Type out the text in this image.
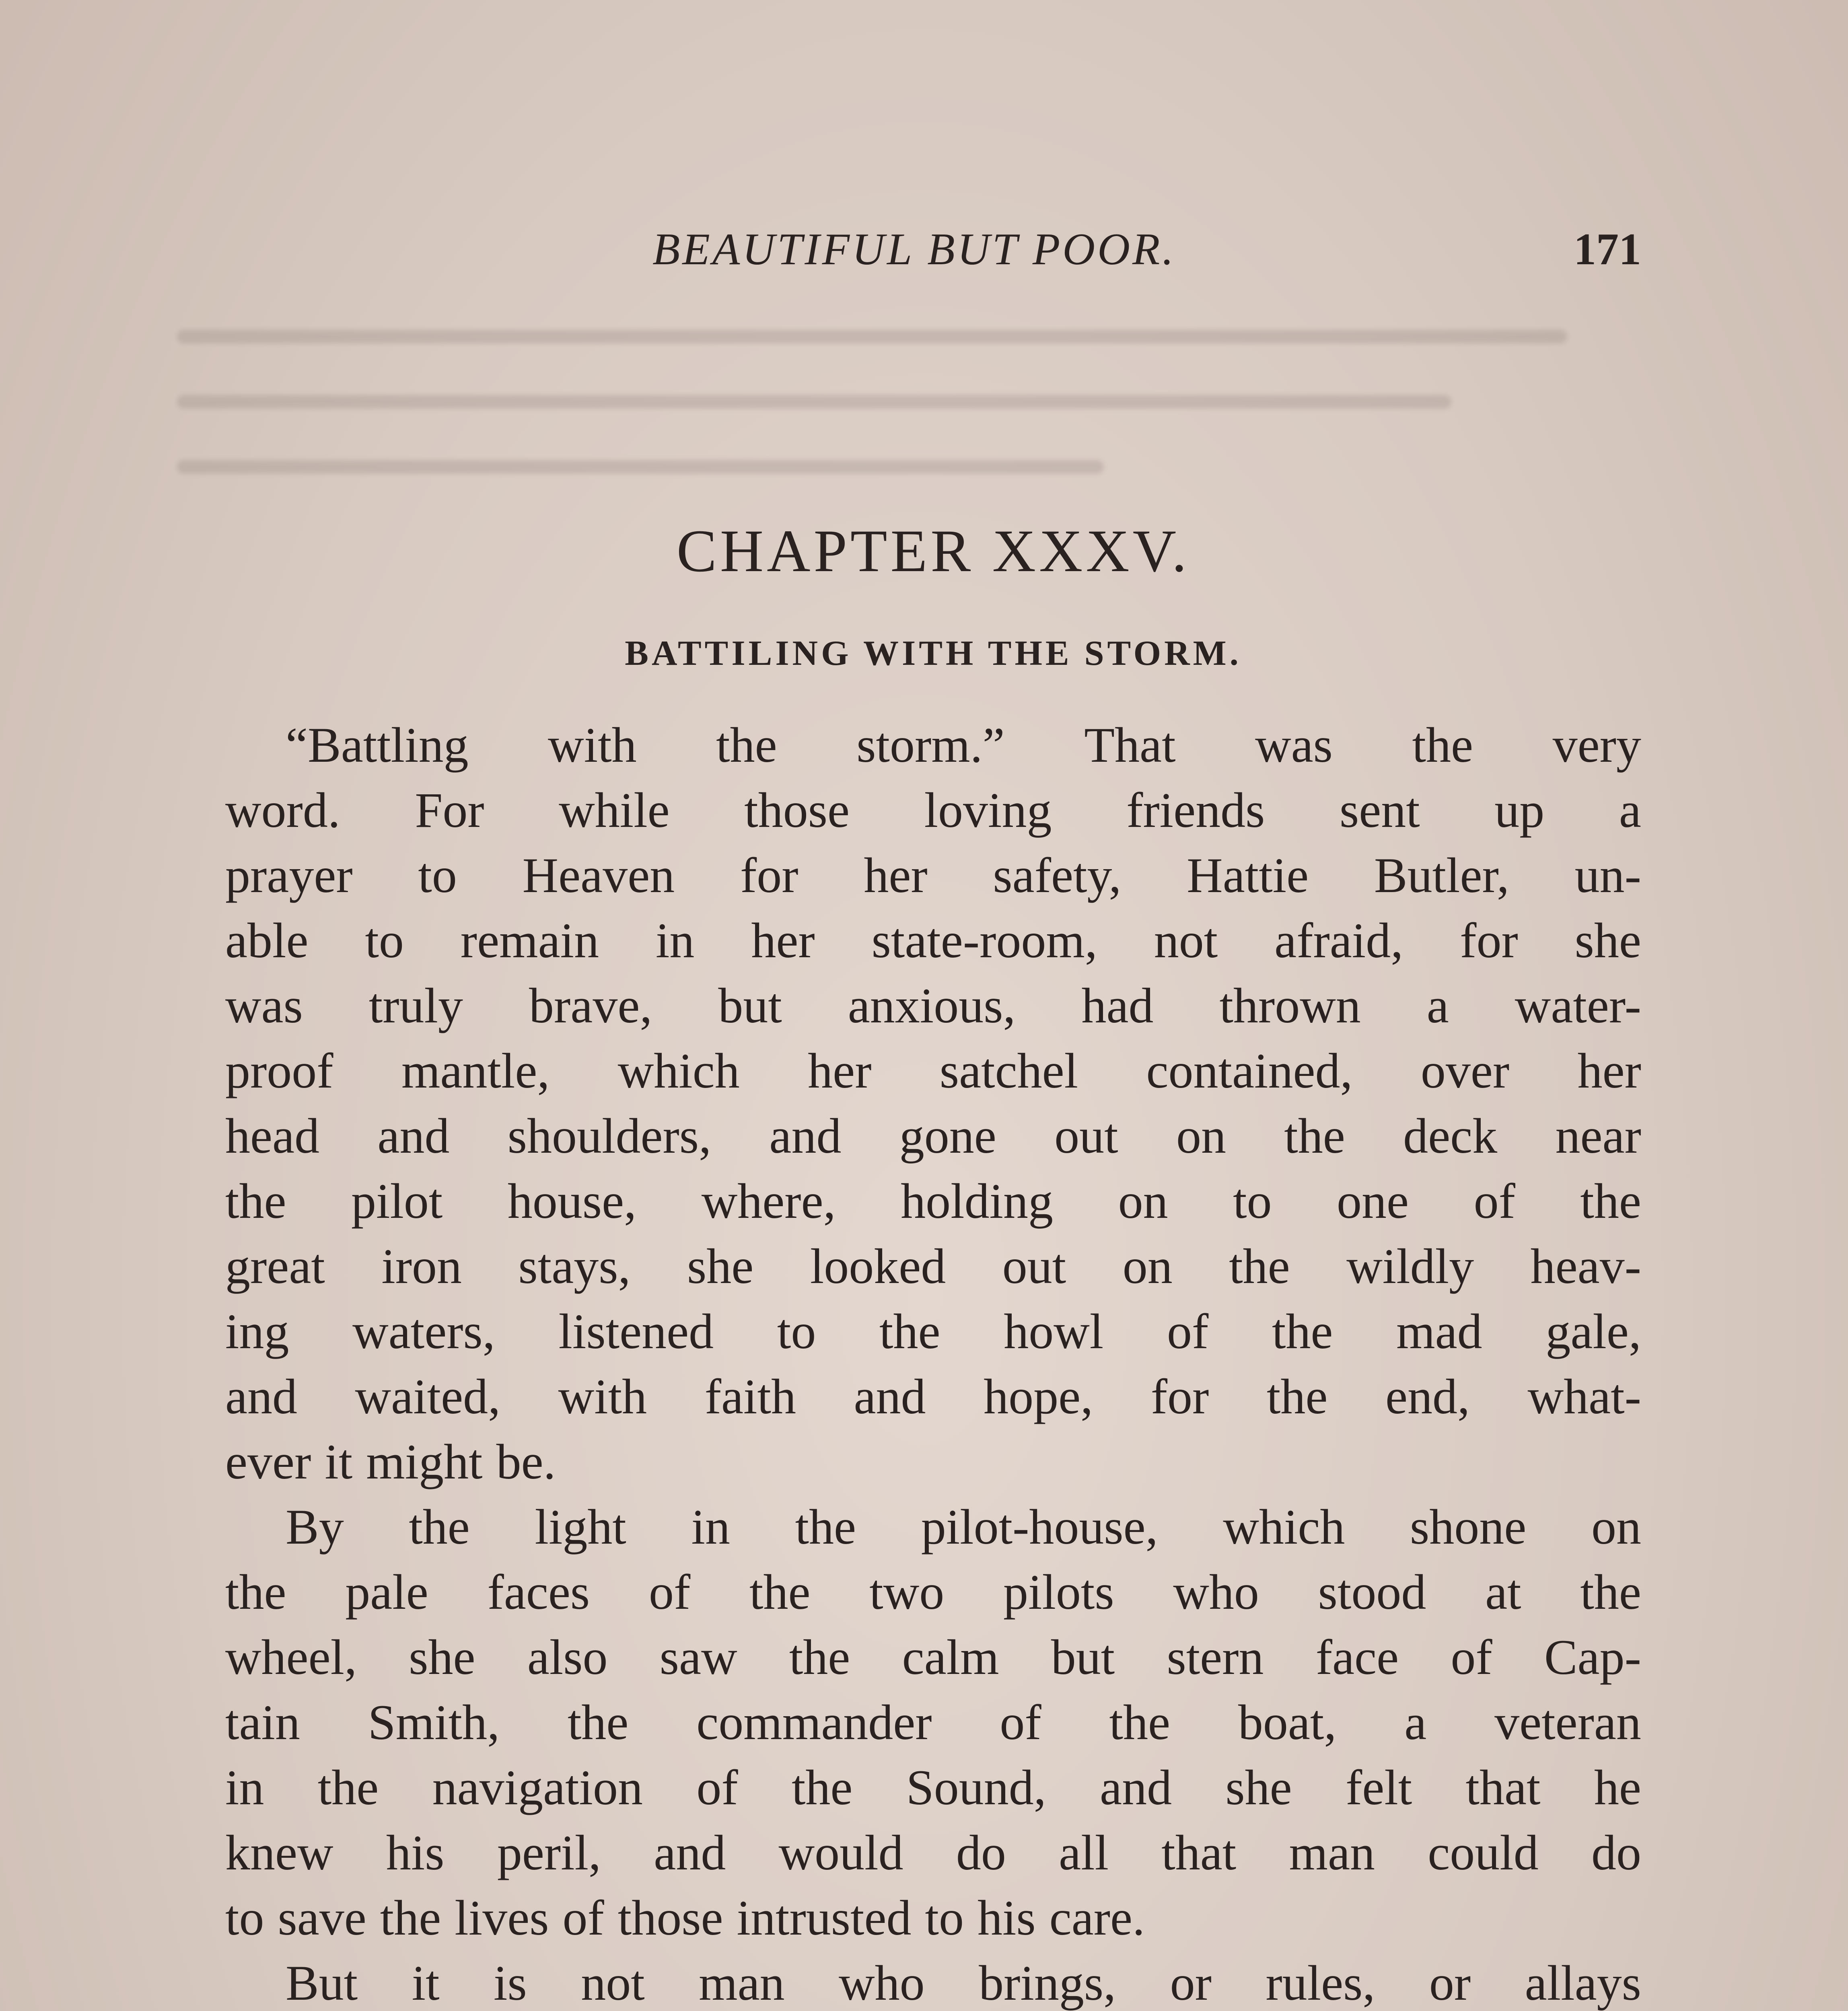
BEAUTIFUL BUT POOR.	171
CHAPTER XXXV.
BATTILING WITH THE STORM.
“Battling with the storm.” That was the very
word. For while those loving friends sent up a
prayer to Heaven for her safety, Hattie Butler, un-
able to remain in her state-room, not afraid, for she
was truly brave, but anxious, had thrown a water-
proof mantle, which her satchel contained, over her
head and shoulders, and gone out on the deck near
the pilot house, where, holding on to one of the
great iron stays, she looked out on the wildly heav-
ing waters, listened to the howl of the mad gale,
and waited, with faith and hope, for the end, what-
ever it might be.
By the light in the pilot-house, which shone on
the pale faces of the two pilots who stood at the
wheel, she also saw the calm but stern face of Cap-
tain Smith, the commander of the boat, a veteran
in the navigation of the Sound, and she felt that he
knew his peril, and would do all that man could do
to save the lives of those intrusted to his care.
But it is not man who brings, or rules, or allays
